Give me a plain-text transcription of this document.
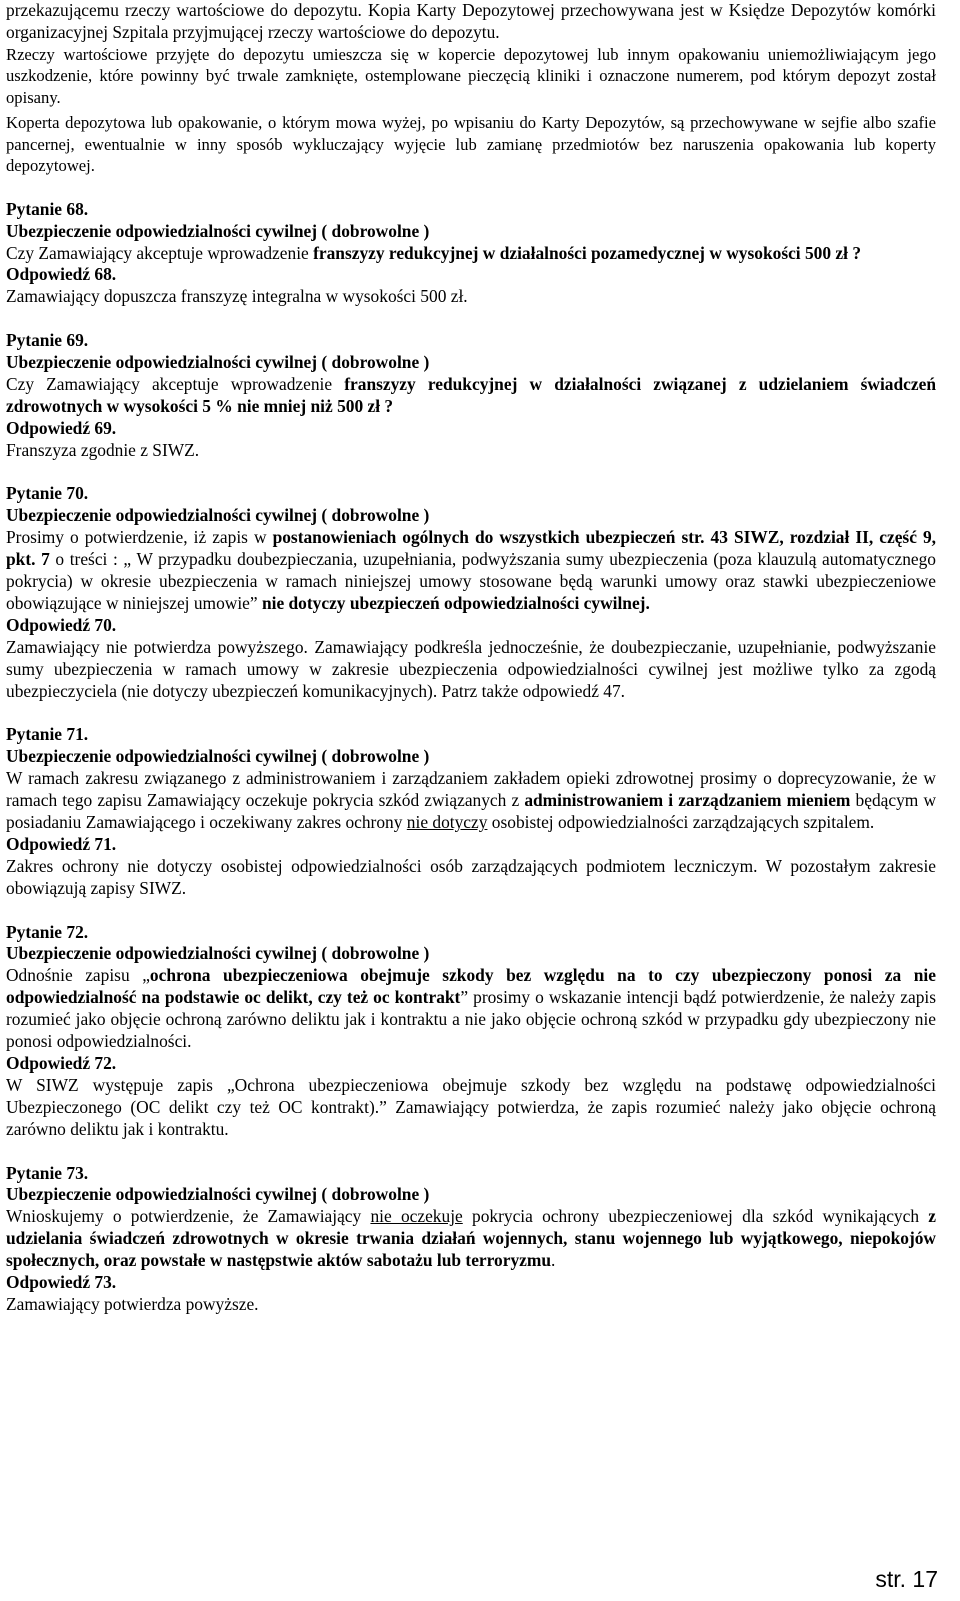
przekazującemu rzeczy wartościowe do depozytu. Kopia Karty Depozytowej przechowywana jest w Księdze Depozytów komórki organizacyjnej Szpitala przyjmującej rzeczy wartościowe do depozytu.

Rzeczy wartościowe przyjęte do depozytu umieszcza się w kopercie depozytowej lub innym opakowaniu uniemożliwiającym jego uszkodzenie, które powinny być trwale zamknięte, ostemplowane pieczęcią kliniki i oznaczone numerem, pod którym depozyt został opisany.

Koperta depozytowa lub opakowanie, o którym mowa wyżej, po wpisaniu do Karty Depozytów, są przechowywane w sejfie albo szafie pancernej, ewentualnie w inny sposób wykluczający wyjęcie lub zamianę przedmiotów bez naruszenia opakowania lub koperty depozytowej.

Pytanie 68.

Ubezpieczenie odpowiedzialności cywilnej ( dobrowolne )

Czy Zamawiający akceptuje wprowadzenie franszyzy redukcyjnej w działalności pozamedycznej w wysokości 500 zł ?

Odpowiedź 68.

Zamawiający dopuszcza franszyzę integralna w wysokości 500 zł.

Pytanie 69.

Ubezpieczenie odpowiedzialności cywilnej ( dobrowolne )

Czy Zamawiający akceptuje wprowadzenie franszyzy redukcyjnej w działalności związanej z udzielaniem świadczeń zdrowotnych w wysokości 5 % nie mniej niż 500 zł ?

Odpowiedź 69.

Franszyza zgodnie z SIWZ.

Pytanie 70.

Ubezpieczenie odpowiedzialności cywilnej ( dobrowolne )

Prosimy o potwierdzenie, iż zapis w postanowieniach ogólnych do wszystkich ubezpieczeń str. 43 SIWZ, rozdział II, część 9, pkt. 7 o treści : „ W przypadku doubezpieczania, uzupełniania, podwyższania sumy ubezpieczenia (poza klauzulą automatycznego pokrycia) w okresie ubezpieczenia w ramach niniejszej umowy stosowane będą warunki umowy oraz stawki ubezpieczeniowe obowiązujące w niniejszej umowie” nie dotyczy ubezpieczeń odpowiedzialności cywilnej.

Odpowiedź 70.

Zamawiający nie potwierdza powyższego. Zamawiający podkreśla jednocześnie, że doubezpieczanie, uzupełnianie, podwyższanie sumy ubezpieczenia w ramach umowy w zakresie ubezpieczenia odpowiedzialności cywilnej jest możliwe tylko za zgodą ubezpieczyciela (nie dotyczy ubezpieczeń komunikacyjnych). Patrz także odpowiedź 47.

Pytanie 71.

Ubezpieczenie odpowiedzialności cywilnej ( dobrowolne )

W ramach zakresu związanego z administrowaniem i zarządzaniem zakładem opieki zdrowotnej prosimy o doprecyzowanie, że w ramach tego zapisu Zamawiający oczekuje pokrycia szkód związanych z administrowaniem i zarządzaniem mieniem będącym w posiadaniu Zamawiającego i oczekiwany zakres ochrony nie dotyczy osobistej odpowiedzialności zarządzających szpitalem.

Odpowiedź 71.

Zakres ochrony nie dotyczy osobistej odpowiedzialności osób zarządzających podmiotem leczniczym. W pozostałym zakresie obowiązują zapisy SIWZ.

Pytanie 72.

Ubezpieczenie odpowiedzialności cywilnej ( dobrowolne )

Odnośnie zapisu „ochrona ubezpieczeniowa obejmuje szkody bez względu na to czy ubezpieczony ponosi za nie odpowiedzialność na podstawie oc delikt, czy też oc kontrakt” prosimy o wskazanie intencji bądź potwierdzenie, że należy zapis rozumieć jako objęcie ochroną zarówno deliktu jak i kontraktu a nie jako objęcie ochroną szkód w przypadku gdy ubezpieczony nie ponosi odpowiedzialności.

Odpowiedź 72.

W SIWZ występuje zapis „Ochrona ubezpieczeniowa obejmuje szkody bez względu na podstawę odpowiedzialności Ubezpieczonego (OC delikt czy też OC kontrakt).” Zamawiający potwierdza, że zapis rozumieć należy jako objęcie ochroną zarówno deliktu jak i kontraktu.

Pytanie 73.

Ubezpieczenie odpowiedzialności cywilnej ( dobrowolne )

Wnioskujemy o potwierdzenie, że Zamawiający nie oczekuje pokrycia ochrony ubezpieczeniowej dla szkód wynikających z udzielania świadczeń zdrowotnych w okresie trwania działań wojennych, stanu wojennego lub wyjątkowego, niepokojów społecznych, oraz powstałe w następstwie aktów sabotażu lub terroryzmu.

Odpowiedź 73.

Zamawiający potwierdza powyższe.

str. 17
